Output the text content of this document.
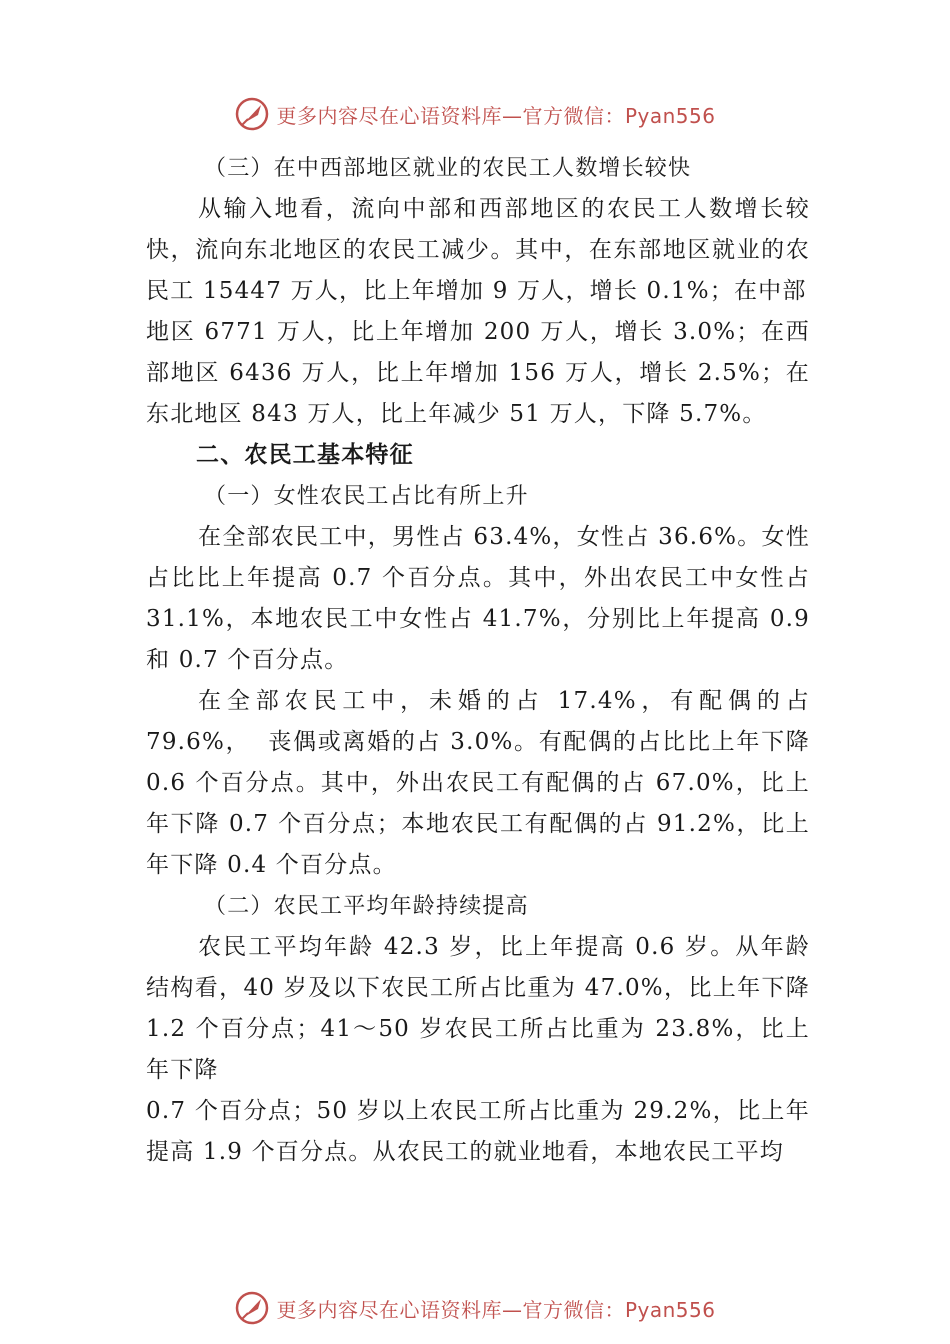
更多内容尽在心语资料库—官方微信：Pyan556

（三）在中西部地区就业的农民工人数增长较快

从输入地看，流向中部和西部地区的农民工人数增长较快，流向东北地区的农民工减少。其中，在东部地区就业的农民工 15447 万人，比上年增加 9 万人，增长 0.1%；在中部

地区 6771 万人，比上年增加 200 万人，增长 3.0%；在西部地区 6436 万人，比上年增加 156 万人，增长 2.5%；在东北地区 843 万人，比上年减少 51 万人，下降 5.7%。

二、农民工基本特征

（一）女性农民工占比有所上升

在全部农民工中，男性占 63.4%，女性占 36.6%。女性占比比上年提高 0.7 个百分点。其中，外出农民工中女性占 31.1%，本地农民工中女性占 41.7%，分别比上年提高 0.9 和 0.7 个百分点。

在全部农民工中，未婚的占 17.4%，有配偶的占 79.6%，  丧偶或离婚的占 3.0%。有配偶的占比比上年下降 0.6 个百分点。其中，外出农民工有配偶的占 67.0%，比上年下降 0.7 个百分点；本地农民工有配偶的占 91.2%，比上年下降 0.4 个百分点。

（二）农民工平均年龄持续提高

农民工平均年龄 42.3 岁，比上年提高 0.6 岁。从年龄结构看，40 岁及以下农民工所占比重为 47.0%，比上年下降 1.2 个百分点；41～50 岁农民工所占比重为 23.8%，比上年下降

0.7 个百分点；50 岁以上农民工所占比重为 29.2%，比上年提高 1.9 个百分点。从农民工的就业地看，本地农民工平均

更多内容尽在心语资料库—官方微信：Pyan556
